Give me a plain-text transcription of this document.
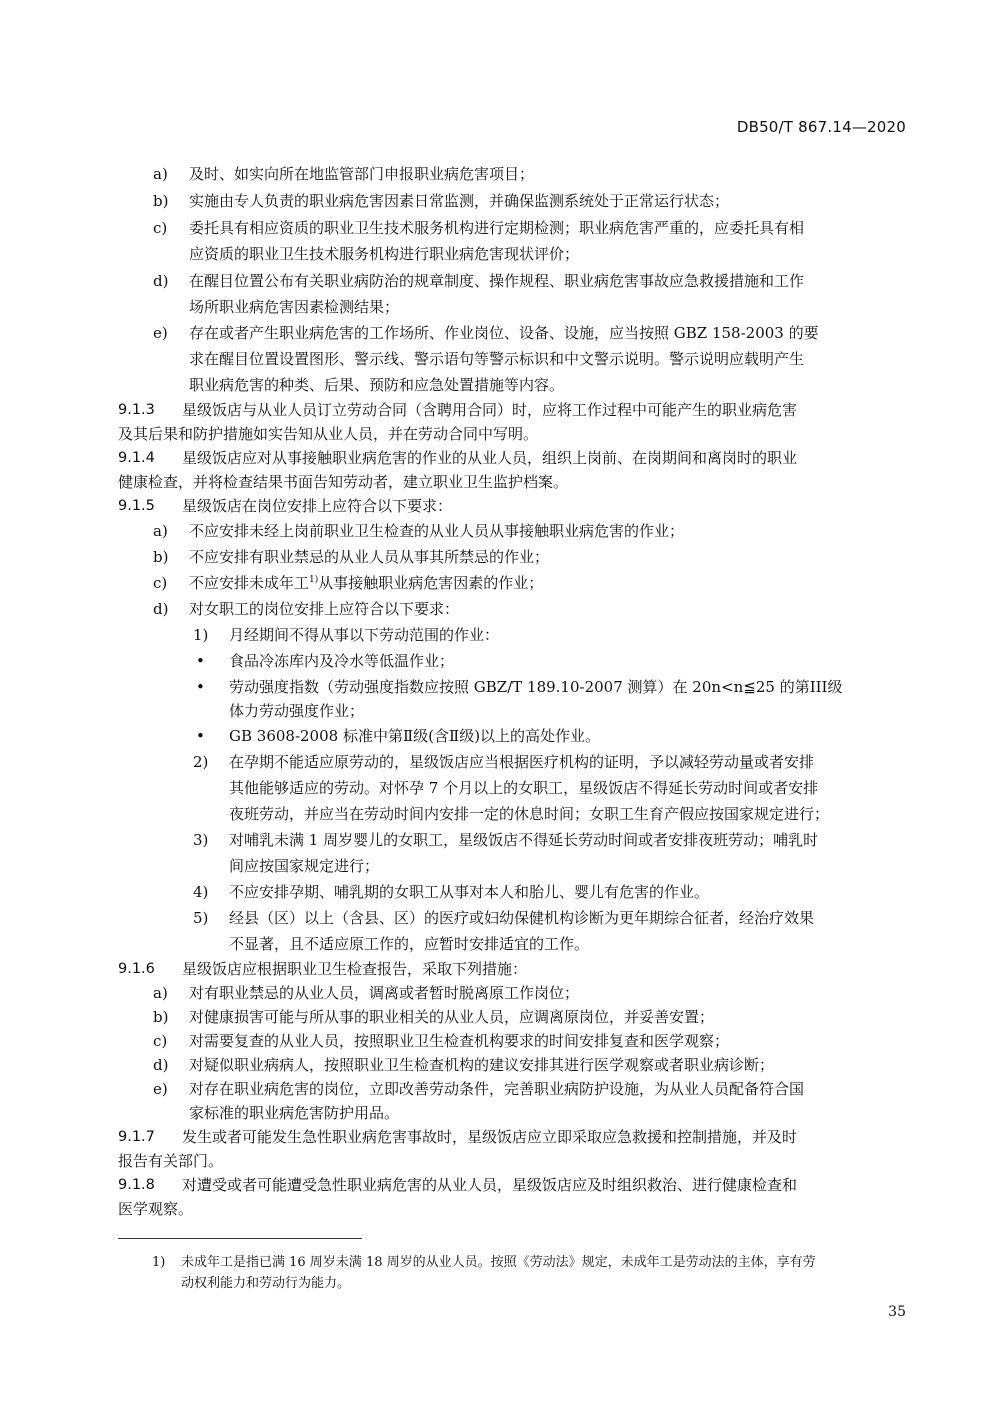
DB50/T 867.14—2020
a) 及时、如实向所在地监管部门申报职业病危害项目；
b) 实施由专人负责的职业病危害因素日常监测，并确保监测系统处于正常运行状态；
c) 委托具有相应资质的职业卫生技术服务机构进行定期检测；职业病危害严重的，应委托具有相
应资质的职业卫生技术服务机构进行职业病危害现状评价；
d) 在醒目位置公布有关职业病防治的规章制度、操作规程、职业病危害事故应急救援措施和工作
场所职业病危害因素检测结果；
e) 存在或者产生职业病危害的工作场所、作业岗位、设备、设施，应当按照 GBZ 158-2003 的要
求在醒目位置设置图形、警示线、警示语句等警示标识和中文警示说明。警示说明应载明产生
职业病危害的种类、后果、预防和应急处置措施等内容。
9.1.3 星级饭店与从业人员订立劳动合同（含聘用合同）时，应将工作过程中可能产生的职业病危害
及其后果和防护措施如实告知从业人员，并在劳动合同中写明。
9.1.4 星级饭店应对从事接触职业病危害的作业的从业人员，组织上岗前、在岗期间和离岗时的职业
健康检查，并将检查结果书面告知劳动者，建立职业卫生监护档案。
9.1.5 星级饭店在岗位安排上应符合以下要求：
a) 不应安排未经上岗前职业卫生检查的从业人员从事接触职业病危害的作业；
b) 不应安排有职业禁忌的从业人员从事其所禁忌的作业；
c) 不应安排未成年工$^{1)}$从事接触职业病危害因素的作业；
d) 对女职工的岗位安排上应符合以下要求：
1) 月经期间不得从事以下劳动范围的作业：
• 食品冷冻库内及冷水等低温作业；
• 劳动强度指数（劳动强度指数应按照 GBZ/T 189.10-2007 测算）在 20n<n≦25 的第III级
体力劳动强度作业；
• GB 3608-2008 标准中第Ⅱ级(含Ⅱ级)以上的高处作业。
2) 在孕期不能适应原劳动的，星级饭店应当根据医疗机构的证明，予以减轻劳动量或者安排
其他能够适应的劳动。对怀孕 7 个月以上的女职工，星级饭店不得延长劳动时间或者安排
夜班劳动，并应当在劳动时间内安排一定的休息时间；女职工生育产假应按国家规定进行；
3) 对哺乳未满 1 周岁婴儿的女职工，星级饭店不得延长劳动时间或者安排夜班劳动；哺乳时
间应按国家规定进行；
4) 不应安排孕期、哺乳期的女职工从事对本人和胎儿、婴儿有危害的作业。
5) 经县（区）以上（含县、区）的医疗或妇幼保健机构诊断为更年期综合征者，经治疗效果
不显著，且不适应原工作的，应暂时安排适宜的工作。
9.1.6 星级饭店应根据职业卫生检查报告，采取下列措施：
a) 对有职业禁忌的从业人员，调离或者暂时脱离原工作岗位；
b) 对健康损害可能与所从事的职业相关的从业人员，应调离原岗位，并妥善安置；
c) 对需要复查的从业人员，按照职业卫生检查机构要求的时间安排复查和医学观察；
d) 对疑似职业病病人，按照职业卫生检查机构的建议安排其进行医学观察或者职业病诊断；
e) 对存在职业病危害的岗位，立即改善劳动条件，完善职业病防护设施，为从业人员配备符合国
家标准的职业病危害防护用品。
9.1.7 发生或者可能发生急性职业病危害事故时，星级饭店应立即采取应急救援和控制措施，并及时
报告有关部门。
9.1.8 对遭受或者可能遭受急性职业病危害的从业人员，星级饭店应及时组织救治、进行健康检查和
医学观察。
1) 未成年工是指已满 16 周岁未满 18 周岁的从业人员。按照《劳动法》规定，未成年工是劳动法的主体，享有劳
动权利能力和劳动行为能力。
35
